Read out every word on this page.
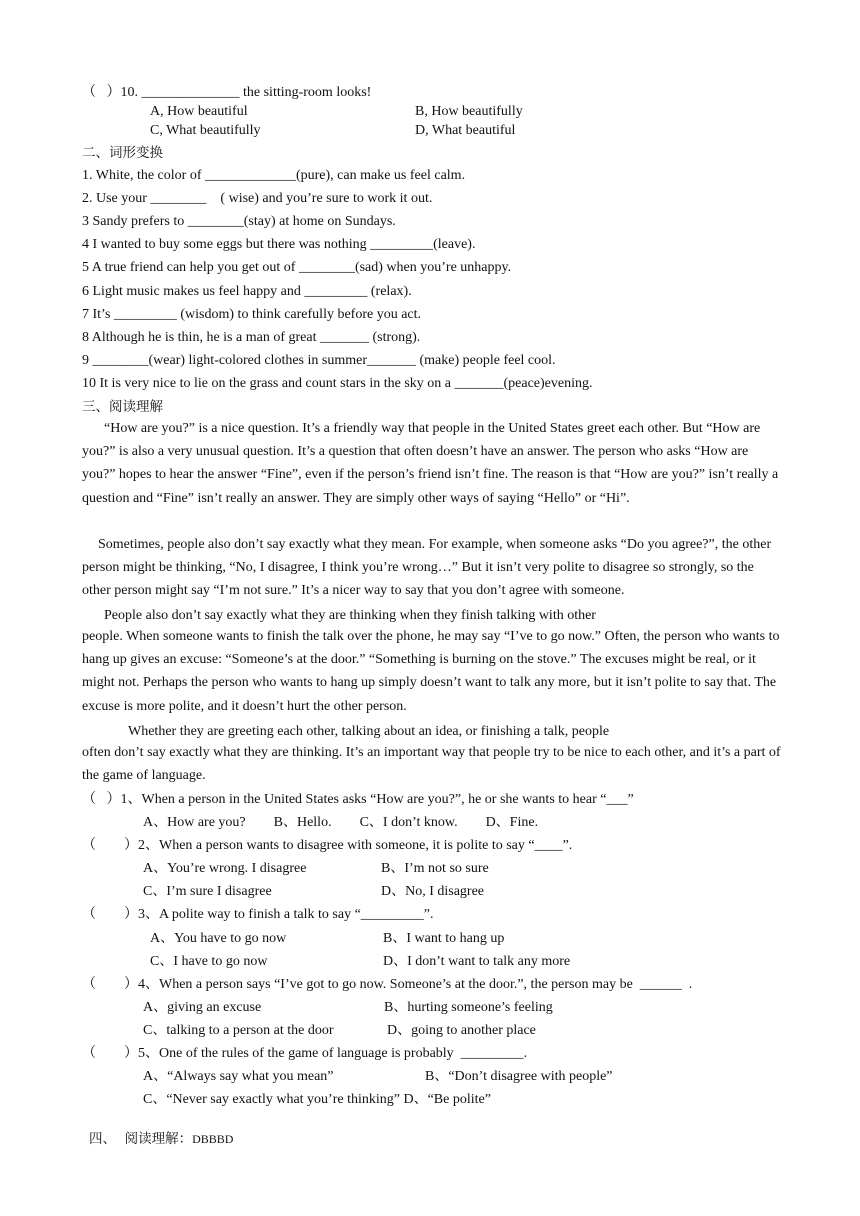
（   ）10. ______________ the sitting-room looks!
A, How beautiful	B, How beautifully
C, What beautifully	D, What beautiful
二、词形变换
1. White, the color of _____________(pure), can make us feel calm.
2. Use your ________    ( wise) and you’re sure to work it out.
3 Sandy prefers to ________(stay) at home on Sundays.
4 I wanted to buy some eggs but there was nothing _________(leave).
5 A true friend can help you get out of ________(sad) when you’re unhappy.
6 Light music makes us feel happy and _________ (relax).
7 It’s _________ (wisdom) to think carefully before you act.
8 Although he is thin, he is a man of great _______ (strong).
9 ________(wear) light-colored clothes in summer_______ (make) people feel cool.
10 It is very nice to lie on the grass and count stars in the sky on a _______(peace)evening.
三、阅读理解
“How are you?” is a nice question. It’s a friendly way that people in the United States greet each other. But “How are you?” is also a very unusual question. It’s a question that often doesn’t have an answer. The person who asks “How are you?” hopes to hear the answer “Fine”, even if the person’s friend isn’t fine. The reason is that “How are you?” isn’t really a question and “Fine” isn’t really an answer. They are simply other ways of saying “Hello” or “Hi”.
Sometimes, people also don’t say exactly what they mean. For example, when someone asks “Do you agree?”, the other person might be thinking, “No, I disagree, I think you’re wrong…” But it isn’t very polite to disagree so strongly, so the other person might say “I’m not sure.” It’s a nicer way to say that you don’t agree with someone.
People also don’t say exactly what they are thinking when they finish talking with other
people. When someone wants to finish the talk over the phone, he may say “I’ve to go now.” Often, the person who wants to hang up gives an excuse: “Someone’s at the door.” “Something is burning on the stove.” The excuses might be real, or it might not. Perhaps the person who wants to hang up simply doesn’t want to talk any more, but it isn’t polite to say that. The excuse is more polite, and it doesn’t hurt the other person.
Whether they are greeting each other, talking about an idea, or finishing a talk, people
often don’t say exactly what they are thinking. It’s an important way that people try to be nice to each other, and it’s a part of the game of language.
（   ）1、When a person in the United States asks “How are you?”, he or she wants to hear “___”
A、How are you?        B、Hello.        C、I don’t know.        D、Fine.
（        ）2、When a person wants to disagree with someone, it is polite to say “____”.
A、You’re wrong. I disagree	B、I’m not so sure
C、I’m sure I disagree	D、No, I disagree
（        ）3、A polite way to finish a talk to say “_________”.
A、You have to go now	B、I want to hang up
C、I have to go now	D、I don’t want to talk any more
（        ）4、When a person says “I’ve got to go now. Someone’s at the door.”, the person may be  ______  .
A、giving an excuse	B、hurting someone’s feeling
C、talking to a person at the door	D、going to another place
（        ）5、One of the rules of the game of language is probably  _________.
A、“Always say what you mean”	B、“Don’t disagree with people”
C、“Never say exactly what you’re thinking” D、“Be polite”

四、  阅读理解：DBBBD
